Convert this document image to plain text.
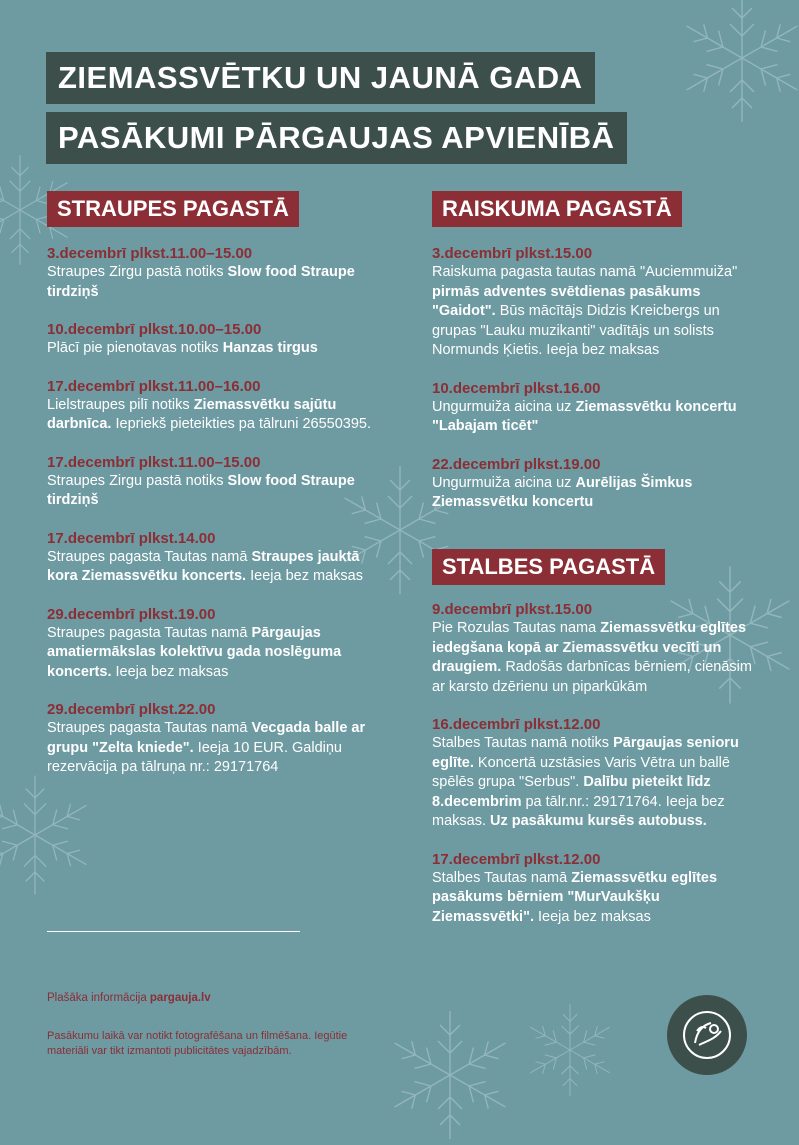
ZIEMASSVĒTKU UN JAUNĀ GADA
PASĀKUMI PĀRGAUJAS APVIENĪBĀ
STRAUPES PAGASTĀ	RAISKUMA PAGASTĀ
STALBES PAGASTĀ
3.decembrī plkst.11.00–15.00
Straupes Zirgu pastā notiks Slow food Straupe tirdziņš
10.decembrī plkst.10.00–15.00
Plācī pie pienotavas notiks Hanzas tirgus
17.decembrī plkst.11.00–16.00
Lielstraupes pilī notiks Ziemassvētku sajūtu darbnīca. Iepriekš pieteikties pa tālruni 26550395.
17.decembrī plkst.11.00–15.00
Straupes Zirgu pastā notiks Slow food Straupe tirdziņš
17.decembrī plkst.14.00
Straupes pagasta Tautas namā Straupes jauktā kora Ziemassvētku koncerts. Ieeja bez maksas
29.decembrī plkst.19.00
Straupes pagasta Tautas namā Pārgaujas amatiermākslas kolektīvu gada noslēguma koncerts. Ieeja bez maksas
29.decembrī plkst.22.00
Straupes pagasta Tautas namā Vecgada balle ar grupu "Zelta kniede". Ieeja 10 EUR. Galdiņu rezervācija pa tālruņa nr.: 29171764
3.decembrī plkst.15.00
Raiskuma pagasta tautas namā "Auciemmuiža" pirmās adventes svētdienas pasākums "Gaidot". Būs mācītājs Didzis Kreicbergs un grupas "Lauku muzikanti" vadītājs un solists Normunds Ķietis. Ieeja bez maksas
10.decembrī plkst.16.00
Ungurmuiža aicina uz Ziemassvētku koncertu "Labajam ticēt"
22.decembrī plkst.19.00
Ungurmuiža aicina uz Aurēlijas Šimkus Ziemassvētku koncertu
9.decembrī plkst.15.00
Pie Rozulas Tautas nama Ziemassvētku eglītes iedegšana kopā ar Ziemassvētku vecīti un draugiem. Radošās darbnīcas bērniem, cienāsim ar karsto dzērienu un piparkūkām
16.decembrī plkst.12.00
Stalbes Tautas namā notiks Pārgaujas senioru eglīte. Koncertā uzstāsies Varis Vētra un ballē spēlēs grupa "Serbus". Dalību pieteikt līdz 8.decembrim pa tālr.nr.: 29171764. Ieeja bez maksas. Uz pasākumu kursēs autobuss.
17.decembrī plkst.12.00
Stalbes Tautas namā Ziemassvētku eglītes pasākums bērniem "MurVaukšķu Ziemassvētki". Ieeja bez maksas
Plašāka informācija pargauja.lv
Pasākumu laikā var notikt fotografēšana un filmēšana. Iegūtie materiāli var tikt izmantoti publicitātes vajadzībām.
